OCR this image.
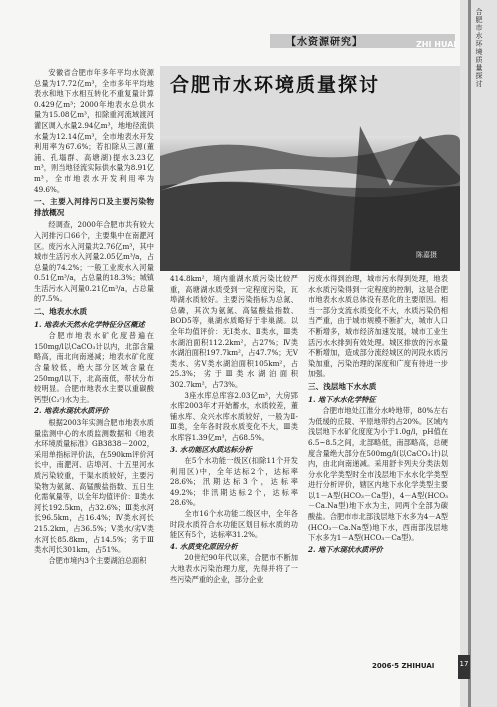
【水资源研究】	ZHI HUAI	合肥市水环境质量探讨
合肥市水环境质量探讨
陈嘉摄

安徽省合肥市年多年平均水资源总量为17.72亿m³，全市多年平均地表水和地下水相互转化不重复量计算0.429亿m³；2000年地表水总供水量为15.08亿m³，扣除重河流域渡河灌区调入水量2.94亿m³，地地径流供水量为12.14亿m³，全市地表水开发利用率为67.6%；若扣除从三源(董浦、孔塌群、高塘湖)提水3.23亿m³，则当地径流实际供水量为8.91亿m³，全市地表水开发利用率为49.6%。

一、主要入河排污口及主要污染物排放概况

经调查，2000年合肥市共有较大入河排污口66个，主要集中在南淝河区。废污水入河量共2.76亿m³，其中城市生活污水入河量2.05亿m³/a，占总量的74.2%；一般工业废水入河量0.51亿m³/a，占总量的18.3%；城镇生活污水入河量0.21亿m³/a，占总量的7.5%。

二、地表水水质
1. 地表水天然水化学特征分区概述

合肥市地表水矿化度普遍在150mg/l以CaCO₃计以内，北部含量略高，南北向南递减；地表水矿化度含量较低，绝大部分区域含量在250mg/l以下，北高南低，带状分布较明显。合肥市地表水主要以重碳酸钙型(C₂ᶜ)水为主。

2. 地表水现状水质评价

根据2003年实测合肥市地表水质量监测中心的水质监测数据和《地表水环境质量标准》GB3838－2002，采用单指标评价法，在590km评价河长中，南淝河、店埠河、十五里河水质污染较重，干渠水质较好，主要污染物为氨氮、高锰酸盐指数、五日生化需氧量等，以全年均值评价：Ⅱ类水河长192.5km，占32.6%；Ⅲ类水河长96.5km，占16.4%；Ⅳ类水河长215.2km，占36.5%；Ⅴ类水/劣Ⅴ类水河长85.8km，占14.5%；劣于Ⅲ类水河长301km，占51%。

合肥市境内3个主要湖泊总面积

414.8km²，境内重湖水质污染比较严重，高塘湖水质受到一定程度污染，瓦埠湖水质较好。主要污染指标为总氮、总磷，其次为氨氮、高锰酸盐指数、BOD5等，巢湖水质略好于非巢湖。以全年均值评价：无Ⅰ类水、Ⅱ类水，Ⅲ类水湖泊面积112.2km²，占27%；Ⅳ类水湖泊面积197.7km²，占47.7%；无Ⅴ类水、劣Ⅴ类水湖泊面积105km²，占25.3%；劣于Ⅲ类水湖泊面积302.7km²，占73%。

3座水库总库容2.03亿m³，大房郢水库2003年才开始蓄水，水质较差，董铺水库、众兴水库水质较好，一般为Ⅱ-Ⅲ类，全年各时段水质变化不大，Ⅲ类水库容1.39亿m³，占68.5%。

3. 水功能区水质达标分析

在5个水功能一级区(扣除11个开发利用区)中，全年达标2个，达标率28.6%；汛期达标3个，达标率49.2%；非汛期达标2个，达标率28.6%。

全市16个水功能二级区中，全年各时段水质符合水功能区划目标水质的功能区有5个，达标率31.2%。

4. 水质变化原因分析

20世纪90年代以来，合肥市不断加大地表水污染治理力度，先得并将了一些污染严重的企业，部分企业

污废水得到治理，城市污水得到处理，地表水水质污染得到一定程度的控制，这是合肥市地表水水质总体没有恶化的主要原因。相当一部分支流水质变化不大，水质污染仍相当严重，由于城市规模不断扩大，城市人口不断增多，城市经济加速发展，城市工业生活污水水排到有效处理。城区排放的污水量不断增加，造成部分流经城区的河段水质污染加重，污染治理的深度和广度有待进一步加强。

三、浅层地下水水质
1. 地下水水化学特征

合肥市地处江淮分水岭地带，80%左右为低缓的丘陵、平原地带约占20%。区域内浅层地下水矿化度度为小于1.0g/l，pH值在6.5~8.5之间，北部略低，南部略高，总硬度含量绝大部分在500mg/l(以CaCO₃计)以内，由北向南递减。采用舒卡列夫分类法划分水化学类型时全市浅层地下水水化学类型进行分析评价，辖区内地下水化学类型主要以1－A型(HCO₃－Ca型)，4－A型(HCO₃－Ca.Na型)地下水为主，同两个全部为碳酸盐。合肥市市北部浅层地下水多为4－A型(HCO₃－Ca.Na型)地下水，西南部浅层地下水多为1－A型(HCO₃－Ca型)。

2. 地下水现状水质评价
2006·5 ZHIHUAI	17
